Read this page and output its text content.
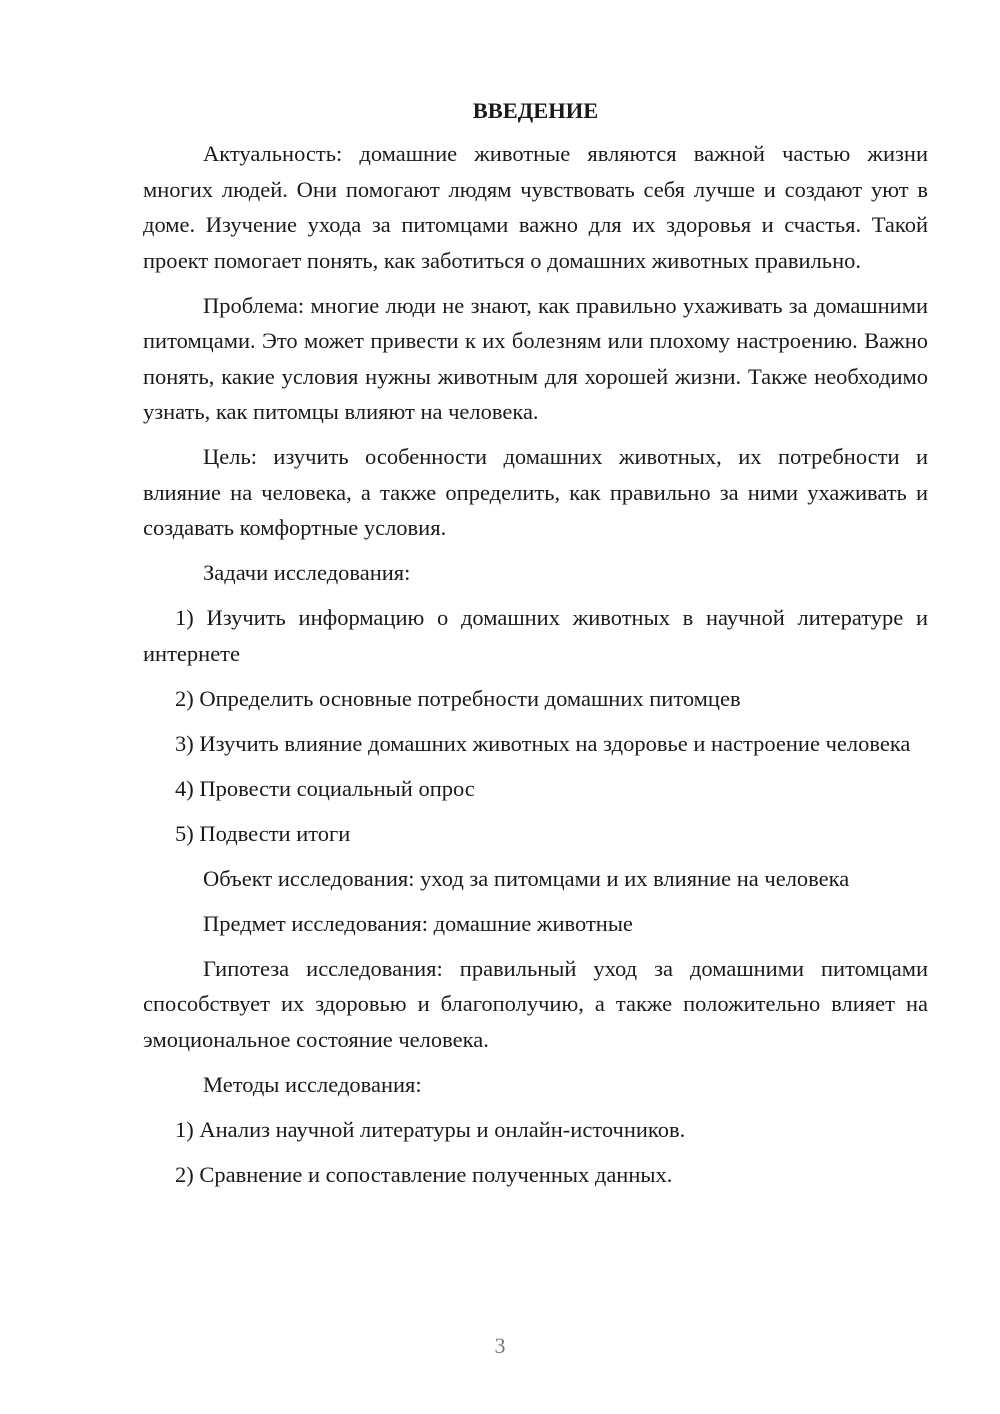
ВВЕДЕНИЕ

Актуальность: домашние животные являются важной частью жизни многих людей. Они помогают людям чувствовать себя лучше и создают уют в доме. Изучение ухода за питомцами важно для их здоровья и счастья. Такой проект помогает понять, как заботиться о домашних животных правильно.

Проблема: многие люди не знают, как правильно ухаживать за домашними питомцами. Это может привести к их болезням или плохому настроению. Важно понять, какие условия нужны животным для хорошей жизни. Также необходимо узнать, как питомцы влияют на человека.

Цель: изучить особенности домашних животных, их потребности и влияние на человека, а также определить, как правильно за ними ухаживать и создавать комфортные условия.

Задачи исследования:

1) Изучить информацию о домашних животных в научной литературе и интернете

2) Определить основные потребности домашних питомцев

3) Изучить влияние домашних животных на здоровье и настроение человека

4) Провести социальный опрос

5) Подвести итоги

Объект исследования: уход за питомцами и их влияние на человека

Предмет исследования: домашние животные

Гипотеза исследования: правильный уход за домашними питомцами способствует их здоровью и благополучию, а также положительно влияет на эмоциональное состояние человека.

Методы исследования:

1) Анализ научной литературы и онлайн-источников.

2) Сравнение и сопоставление полученных данных.

3
